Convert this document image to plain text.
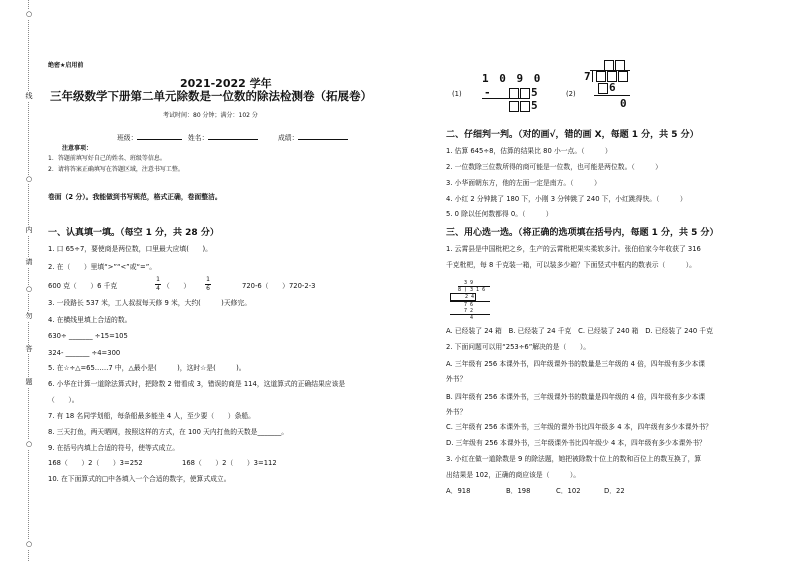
○
线
○
内
请
○
勿
答
题
○
○
绝密★启用前
2021-2022 学年
三年级数学下册第二单元除数是一位数的除法检测卷（拓展卷）
考试时间：80 分钟；满分：102 分
班级：	姓名：	成绩：
注意事项：
1．答题前填写好自己的姓名、班级等信息。
2．请将答案正确填写在答题区域，注意书写工整。
卷面（2 分）。我能做到书写规范，格式正确，卷面整洁。
一、认真填一填。（每空 1 分，共 28 分）
1. 口 65÷7，要使商是两位数，口里最大应填(　　)。
2. 在（　　）里填“>”“<”或“=”。
600 克（　　）6 千克	$\frac{1}{4}$ （　　） $\frac{1}{6}$	720-6（　　）720-2-3
3. 一段路长 537 米，工人叔叔每天修 9 米，大约(　　　)天修完。
4. 在横线里填上合适的数。
630÷ _______ ÷15=105
324- _______ ÷4=300
5. 在☆÷△=65……7 中，△最小是(　　　)，这时☆是(　　　)。
6. 小华在计算一道除法算式时，把除数 2 错看成 3，错误的商是 114，这道算式的正确结果应该是
（　　）。
7. 有 18 名同学划船，每条船最多能坐 4 人，至少要（　　）条船。
8. 三天打鱼，两天晒网，按照这样的方式，在 100 天内打鱼的天数是_______。
9. 在括号内填上合适的符号，使等式成立。
168（　　）2（　　）3=252	168（　　）2（　　）3=112
10. 在下面算式的□中各填入一个合适的数字，使算式成立。
(1)
1 0 9 0
-	5
5
(2)
7
6
0
二、仔细判一判。（对的画√，错的画 X，每题 1 分，共 5 分）
1. 估算 645÷8，估算的结果比 80 小一点。（　　　）
2. 一位数除三位数所得的商可能是一位数，也可能是两位数。（　　　）
3. 小华面朝东方，他的左面一定是南方。（　　　）
4. 小红 2 分钟跳了 180 下，小刚 3 分钟跳了 240 下，小红跳得快。（　　　）
5. 0 除以任何数都得 0。（　　　）
三、用心选一选。（将正确的选项填在括号内，每题 1 分，共 5 分）
1. 云霄县是中国枇杷之乡，生产的云霄枇杷果实柔软多汁。张伯伯家今年收获了 316
千克枇杷，每 8 千克装一箱，可以装多少箱？下面竖式中框内的数表示（　　　）。
3 9
8 ) 3 1 6
2 4
7 6
7 2
4
A. 已经装了 24 箱　B. 已经装了 24 千克　C. 已经装了 240 箱　D. 已经装了 240 千克
2. 下面问题可以用“253÷6”解决的是（　　）。
A. 三年级有 256 本课外书，四年级课外书的数量是三年级的 4 倍，四年级有多少本课
外书？
B. 四年级有 256 本课外书，三年级课外书的数量是四年级的 4 倍，四年级有多少本课
外书？
C. 三年级有 256 本课外书，三年级的课外书比四年级多 4 本，四年级有多少本课外书？
D. 三年级有 256 本课外书，三年级课外书比四年级少 4 本，四年级有多少本课外书？
3. 小红在做一道除数是 9 的除法题，她把被除数十位上的数和百位上的数互换了，算
出结果是 102，正确的商应该是（　　　）。
A．918	B．198	C．102	D．22
